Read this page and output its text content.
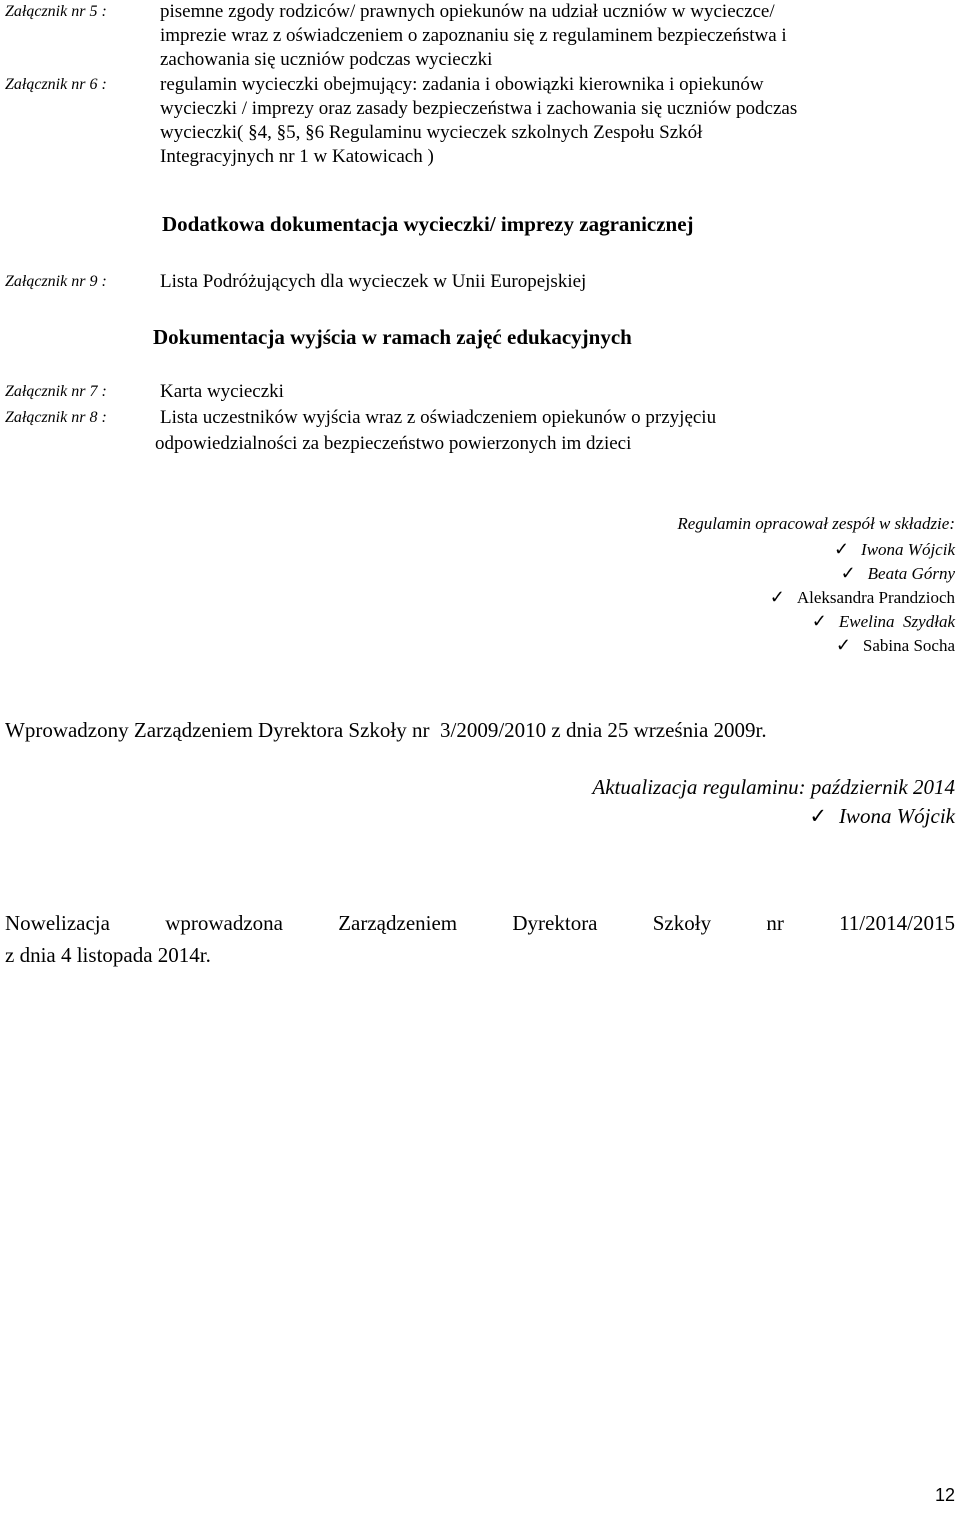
Załącznik nr 5 :	pisemne zgody rodziców/ prawnych opiekunów na udział uczniów w wycieczce/
imprezie wraz z oświadczeniem o zapoznaniu się z regulaminem bezpieczeństwa i
zachowania się uczniów podczas wycieczki
Załącznik nr 6 :	regulamin wycieczki obejmujący: zadania i obowiązki kierownika i opiekunów
wycieczki / imprezy oraz zasady bezpieczeństwa i zachowania się uczniów podczas
wycieczki( §4, §5, §6 Regulaminu wycieczek szkolnych Zespołu Szkół
Integracyjnych nr 1 w Katowicach )
Dodatkowa dokumentacja wycieczki/ imprezy zagranicznej
Załącznik nr 9 :	Lista Podróżujących dla wycieczek w Unii Europejskiej
Dokumentacja wyjścia w ramach zajęć edukacyjnych
Załącznik nr 7 :	Karta wycieczki
Załącznik nr 8 :	Lista uczestników wyjścia wraz z oświadczeniem opiekunów o przyjęciu
odpowiedzialności za bezpieczeństwo powierzonych im dzieci
Regulamin opracował zespół w składzie:
✓ Iwona Wójcik
✓ Beata Górny
✓ Aleksandra Prandzioch
✓ Ewelina  Szydłak
✓ Sabina Socha
Wprowadzony Zarządzeniem Dyrektora Szkoły nr  3/2009/2010 z dnia 25 września 2009r.
Aktualizacja regulaminu: październik 2014
✓ Iwona Wójcik
Nowelizacja	wprowadzona	Zarządzeniem	Dyrektora	Szkoły	nr	11/2014/2015
z dnia 4 listopada 2014r.
12
